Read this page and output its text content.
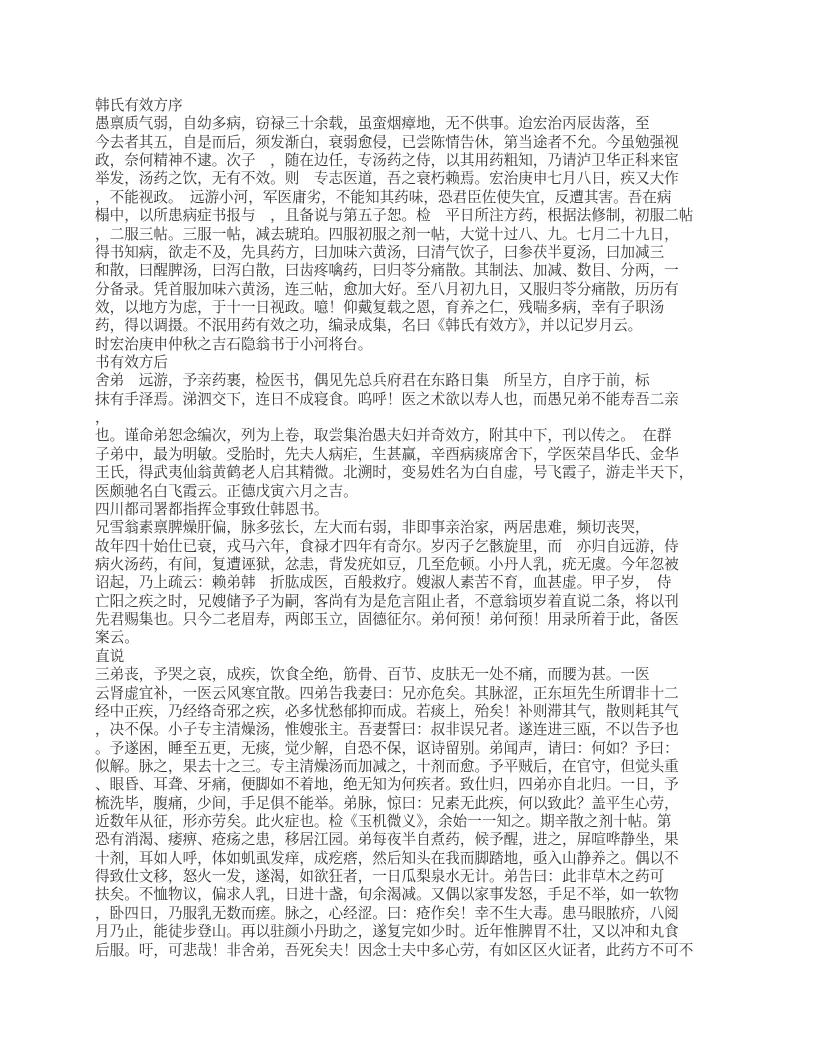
韩氏有效方序
愚禀质气弱，自幼多病，窃禄三十余载，虽蛮烟瘴地，无不供事。迨宏治丙辰齿落，至
今去者其五，自是而后，须发渐白，衰弱愈侵，已尝陈情告休，第当途者不允。今虽勉强视
政，奈何精神不逮。次子　，随在边任，专汤药之侍，以其用药粗知，乃请泸卫华正科来宦
举发，汤药之饮，无有不效。则　专志医道，吾之衰朽赖焉。宏治庚申七月八日，疾又大作
，不能视政。　远游小河，军医庸劣，不能知其药味，恐君臣佐使失宜，反遭其害。吾在病
榻中，以所患病症书报与　，且备说与第五子恕。检　平日所注方药，根据法修制，初服二帖
，二服三帖。三服一帖，减去琥珀。四服初服之剂一帖，大觉十过八、九。七月二十九日，
得书知病，欲走不及，先具药方，曰加味六黄汤，曰清气饮子，曰参茯半夏汤，曰加减三
和散，曰醒脾汤，曰泻白散，曰齿疼噙药，曰归苓分痛散。其制法、加减、数目、分两，一
分备录。凭首服加味六黄汤，连三帖，愈加大好。至八月初九日，又服归苓分痛散，历历有
效，以地方为虑，于十一日视政。噫！仰戴复载之恩，育养之仁，残喘多病，幸有子职汤
药，得以调摄。不泯用药有效之功，编录成集，名曰《韩氏有效方》，并以记岁月云。
时宏治庚申仲秋之吉石隐翁书于小河将台。
书有效方后
舍弟　远游，予亲药裹，检医书，偶见先总兵府君在东路日集　所呈方，自序于前，标
抹有手泽焉。涕泗交下，连日不成寝食。呜呼！医之术欲以寿人也，而愚兄弟不能寿吾二亲
，
也。谨命弟恕念编次，列为上卷，取尝集治愚夫妇并奇效方，附其中下，刊以传之。　在群
子弟中，最为明敏。受胎时，先夫人病疟，生甚赢，辛酉病痰席舍下，学医荣昌华氏、金华
王氏，得武夷仙翁黄鹤老人启其精微。北溯时，变易姓名为白自虚，号飞霞子，游走半天下，
医颇驰名白飞霞云。正德戊寅六月之吉。
四川都司署都指挥佥事致仕韩恩书。
兄雪翁素禀脾燥肝偏，脉多弦长，左大而右弱，非即事亲治家，两居患难，频切丧哭，
故年四十始仕已衰，戎马六年，食禄才四年有奇尔。岁丙子乞骸旋里，而　亦归自远游，侍
病火汤药，有间，复遭诬狱，忿恚，背发疣如豆，几至危顿。小丹人乳，疣无虞。今年忽被
诏起，乃上疏云：赖弟韩　折肱成医，百般救疗。嫂淑人素苦不育，血甚虚。甲子岁，　侍
亡阳之疾之时，兄嫂储予子为嗣，客尚有为是危言阻止者，不意翁顷岁着直说二条，将以刊
先君赐集也。只今二老眉寿，两郎玉立，固德征尔。弟何预！弟何预！用录所着于此，备医
案云。
直说
三弟丧，予哭之哀，成疾，饮食全绝，筋骨、百节、皮肤无一处不痛，而腰为甚。一医
云肾虚宜补，一医云风寒宜散。四弟告我妻曰：兄亦危矣。其脉涩，正东垣先生所谓非十二
经中正疾，乃经络奇邪之疾，必多忧愁郁抑而成。若痰上，殆矣！补则滞其气，散则耗其气
，决不保。小子专主清燥汤，惟嫂张主。吾妻誓曰：叔非误兄者。遂连进三瓯，不以告予也
。予遂困，睡至五更，无痰，觉少解，自恐不保，讴诗留别。弟闻声，请曰：何如？予曰：
似解。脉之，果去十之三。专主清燥汤而加减之，十剂而愈。予平贼后，在官守，但觉头重
、眼昏、耳聋、牙痛，便脚如不着地，绝无知为何疾者。致仕归，四弟亦自北归。一日，予
梳洗毕，腹痛，少间，手足俱不能举。弟脉，惊曰：兄素无此疾，何以致此？盖平生心劳，
近数年从征，形亦劳矣。此火症也。检《玉机微义》，余始一一知之。期辛散之剂十帖。第
恐有消渴、痿痹、疮疡之患，移居江园。弟每夜半自煮药，候予醒，进之，屏喧哗静坐，果
十剂，耳如人呼，体如虮虱发痒，成疙瘩，然后知头在我而脚踏地，亟入山静养之。偶以不
得致仕文移，怒火一发，遂渴，如欲狂者，一日瓜梨泉水无计。弟告曰：此非草木之药可
扶矣。不恤物议，偏求人乳，日进十盏，旬余渴减。又偶以家事发怒，手足不举，如一软物
，卧四日，乃服乳无数而瘥。脉之，心经涩。曰：疮作矣！幸不生大毒。患马眼脓疥，八阅
月乃止，能徒步登山。再以驻颜小丹助之，遂复完如少时。近年惟脾胃不壮，又以冲和丸食
后服。吁，可悲哉！非舍弟，吾死矣夫！因念士夫中多心劳，有如区区火证者，此药方不可不
